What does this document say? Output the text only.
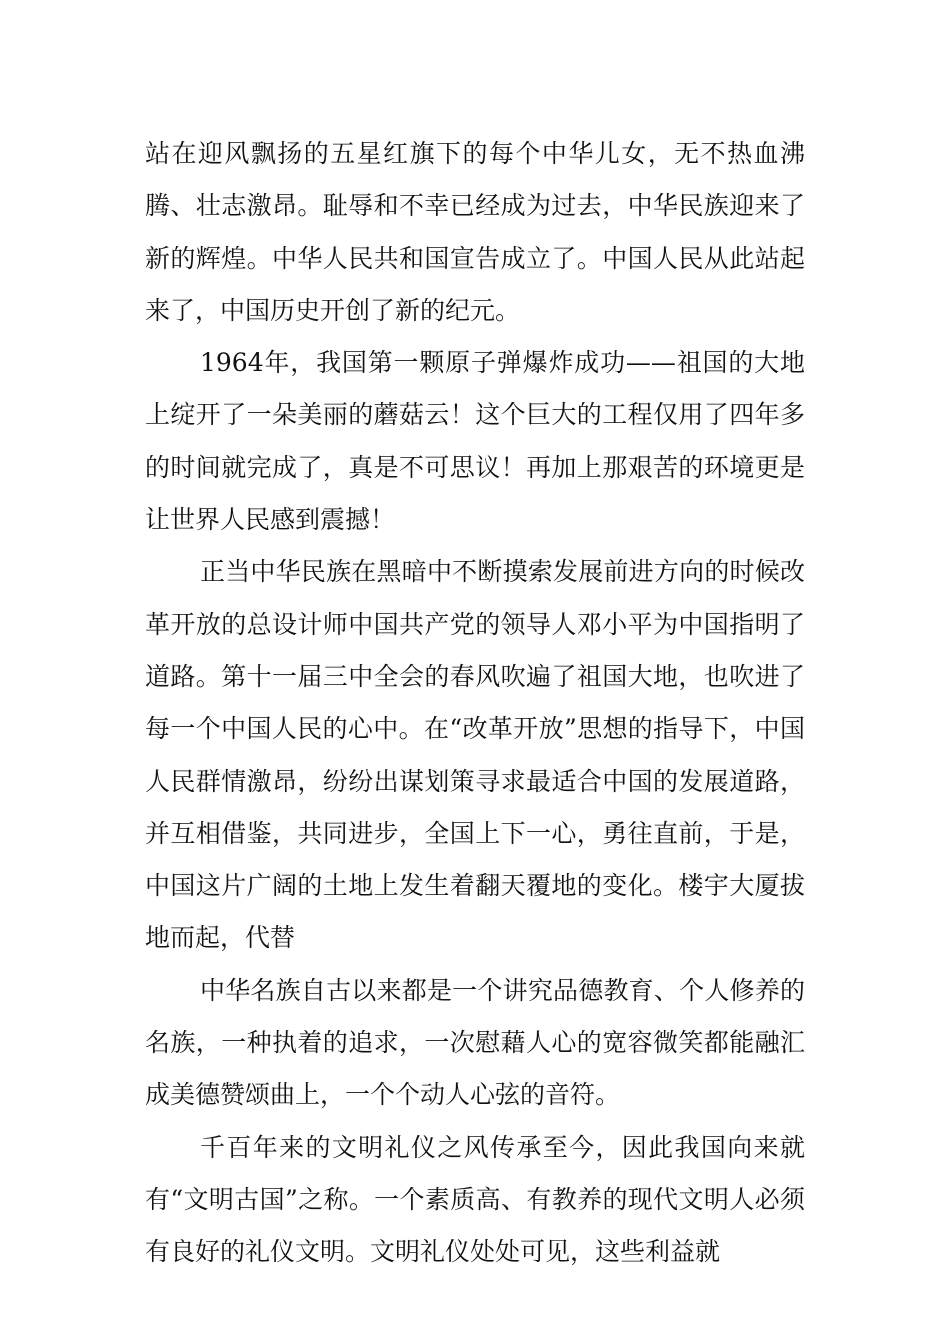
站在迎风飘扬的五星红旗下的每个中华儿女，无不热血沸腾、壮志激昂。耻辱和不幸已经成为过去，中华民族迎来了新的辉煌。中华人民共和国宣告成立了。中国人民从此站起来了，中国历史开创了新的纪元。

1964年，我国第一颗原子弹爆炸成功——祖国的大地上绽开了一朵美丽的蘑菇云！这个巨大的工程仅用了四年多的时间就完成了，真是不可思议！再加上那艰苦的环境更是让世界人民感到震撼！

正当中华民族在黑暗中不断摸索发展前进方向的时候改革开放的总设计师中国共产党的领导人邓小平为中国指明了道路。第十一届三中全会的春风吹遍了祖国大地，也吹进了每一个中国人民的心中。在“改革开放”思想的指导下，中国人民群情激昂，纷纷出谋划策寻求最适合中国的发展道路，并互相借鉴，共同进步，全国上下一心，勇往直前，于是，中国这片广阔的土地上发生着翻天覆地的变化。楼宇大厦拔地而起，代替

中华名族自古以来都是一个讲究品德教育、个人修养的名族，一种执着的追求，一次慰藉人心的宽容微笑都能融汇成美德赞颂曲上，一个个动人心弦的音符。

千百年来的文明礼仪之风传承至今，因此我国向来就有“文明古国”之称。一个素质高、有教养的现代文明人必须有良好的礼仪文明。文明礼仪处处可见，这些利益就
